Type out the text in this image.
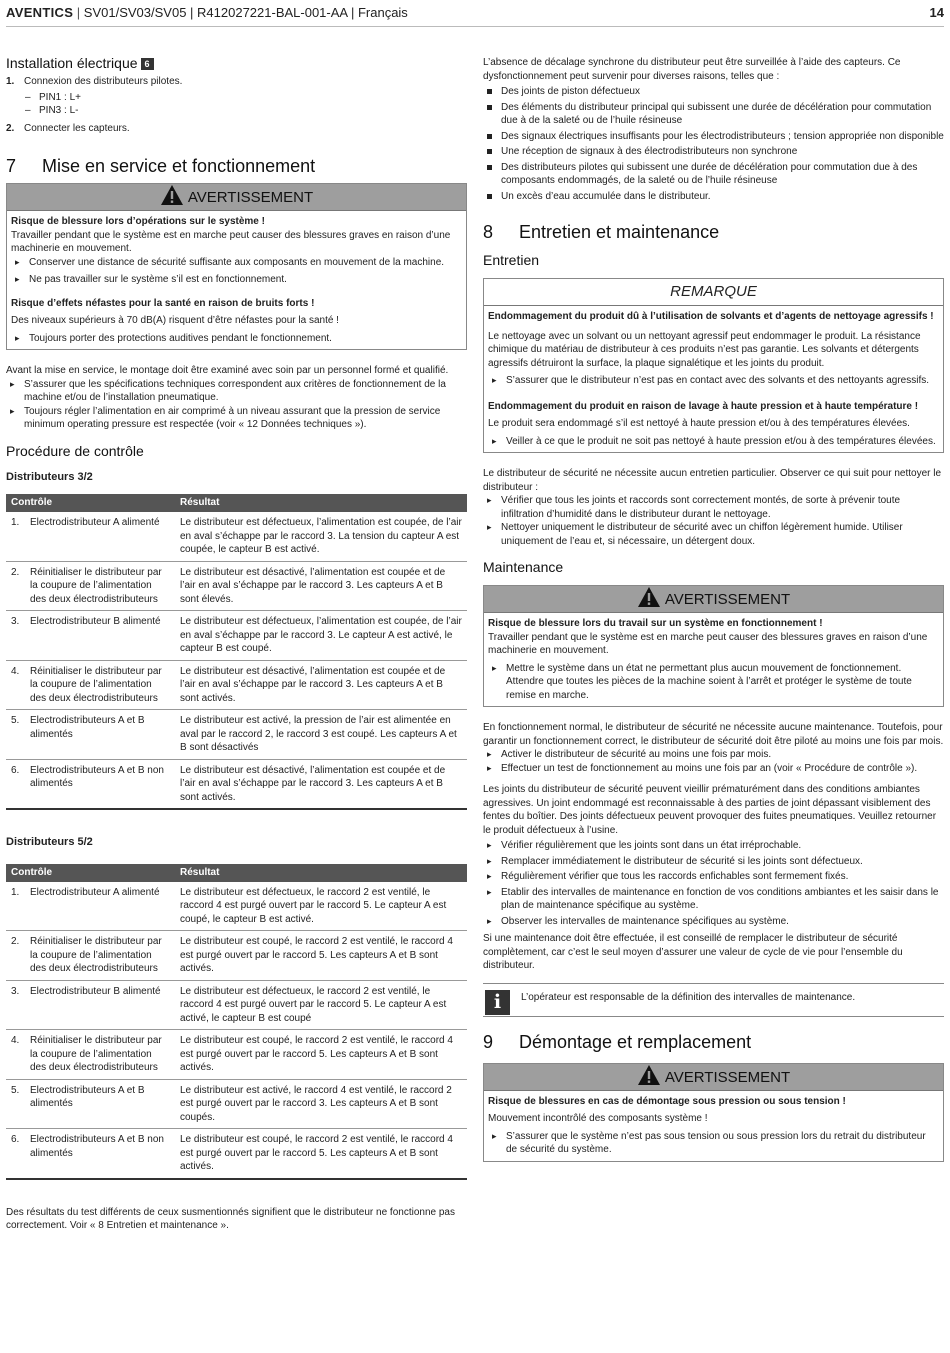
AVENTICS | SV01/SV03/SV05 | R412027221-BAL-001-AA | Français	14
Installation électrique 6
1. Connexion des distributeurs pilotes.
– PIN1 : L+
– PIN3 : L-
2. Connecter les capteurs.
7 Mise en service et fonctionnement
AVERTISSEMENT

Risque de blessure lors d’opérations sur le système !

Travailler pendant que le système est en marche peut causer des blessures graves en raison d’une machinerie en mouvement.

▸ Conserver une distance de sécurité suffisante aux composants en mouvement de la machine.

▸ Ne pas travailler sur le système s’il est en fonctionnement.

Risque d’effets néfastes pour la santé en raison de bruits forts !

Des niveaux supérieurs à 70 dB(A) risquent d’être néfastes pour la santé !

▸ Toujours porter des protections auditives pendant le fonctionnement.

Avant la mise en service, le montage doit être examiné avec soin par un personnel formé et qualifié.

▸ S’assurer que les spécifications techniques correspondent aux critères de fonctionnement de la machine et/ou de l’installation pneumatique.

▸ Toujours régler l’alimentation en air comprimé à un niveau assurant que la pression de service minimum operating pressure est respectée (voir « 12 Données techniques »).

Procédure de contrôle
Distributeurs 3/2
Contrôle	Résultat
1. Electrodistributeur A alimenté	Le distributeur est défectueux, l’alimentation est coupée, de l’air en aval s’échappe par le raccord 3. La tension du capteur A est coupée, le capteur B est activé.
2. Réinitialiser le distributeur par la coupure de l’alimentation des deux électrodistributeurs	Le distributeur est désactivé, l’alimentation est coupée et de l’air en aval s’échappe par le raccord 3. Les capteurs A et B sont élevés.
3. Electrodistributeur B alimenté	Le distributeur est défectueux, l’alimentation est coupée, de l’air en aval s’échappe par le raccord 3. Le capteur A est activé, le capteur B est coupé.
4. Réinitialiser le distributeur par la coupure de l’alimentation des deux électrodistributeurs	Le distributeur est désactivé, l’alimentation est coupée et de l’air en aval s’échappe par le raccord 3. Les capteurs A et B sont activés.
5. Electrodistributeurs A et B alimentés	Le distributeur est activé, la pression de l’air est alimentée en aval par le raccord 2, le raccord 3 est coupé. Les capteurs A et B sont désactivés
6. Electrodistributeurs A et B non alimentés	Le distributeur est désactivé, l’alimentation est coupée et de l’air en aval s’échappe par le raccord 3. Les capteurs A et B sont activés.
Distributeurs 5/2
Contrôle	Résultat
1. Electrodistributeur A alimenté	Le distributeur est défectueux, le raccord 2 est ventilé, le raccord 4 est purgé ouvert par le raccord 5. Le capteur A est coupé, le capteur B est activé.
2. Réinitialiser le distributeur par la coupure de l’alimentation des deux électrodistributeurs	Le distributeur est coupé, le raccord 2 est ventilé, le raccord 4 est purgé ouvert par le raccord 5. Les capteurs A et B sont activés.
3. Electrodistributeur B alimenté	Le distributeur est défectueux, le raccord 2 est ventilé, le raccord 4 est purgé ouvert par le raccord 5. Le capteur A est activé, le capteur B est coupé
4. Réinitialiser le distributeur par la coupure de l’alimentation des deux électrodistributeurs	Le distributeur est coupé, le raccord 2 est ventilé, le raccord 4 est purgé ouvert par le raccord 5. Les capteurs A et B sont activés.
5. Electrodistributeurs A et B alimentés	Le distributeur est activé, le raccord 4 est ventilé, le raccord 2 est purgé ouvert par le raccord 3. Les capteurs A et B sont coupés.
6. Electrodistributeurs A et B non alimentés	Le distributeur est coupé, le raccord 2 est ventilé, le raccord 4 est purgé ouvert par le raccord 5. Les capteurs A et B sont activés.

Des résultats du test différents de ceux susmentionnés signifient que le distributeur ne fonctionne pas correctement. Voir « 8 Entretien et maintenance ».

L’absence de décalage synchrone du distributeur peut être surveillée à l’aide des capteurs. Ce dysfonctionnement peut survenir pour diverses raisons, telles que :

Des joints de piston défectueux

Des éléments du distributeur principal qui subissent une durée de décélération pour commutation due à de la saleté ou de l’huile résineuse

Des signaux électriques insuffisants pour les électrodistributeurs ; tension appropriée non disponible

Une réception de signaux à des électrodistributeurs non synchrone

Des distributeurs pilotes qui subissent une durée de décélération pour commutation due à des composants endommagés, de la saleté ou de l’huile résineuse

Un excès d’eau accumulée dans le distributeur.

8 Entretien et maintenance
Entretien
REMARQUE

Endommagement du produit dû à l’utilisation de solvants et d’agents de nettoyage agressifs !

Le nettoyage avec un solvant ou un nettoyant agressif peut endommager le produit. La résistance chimique du matériau de distributeur à ces produits n’est pas garantie. Les solvants et détergents agressifs détruiront la surface, la plaque signalétique et les joints du produit.

▸ S’assurer que le distributeur n’est pas en contact avec des solvants et des nettoyants agressifs.

Endommagement du produit en raison de lavage à haute pression et à haute température !

Le produit sera endommagé s’il est nettoyé à haute pression et/ou à des températures élevées.

▸ Veiller à ce que le produit ne soit pas nettoyé à haute pression et/ou à des températures élevées.

Le distributeur de sécurité ne nécessite aucun entretien particulier. Observer ce qui suit pour nettoyer le distributeur :

▸ Vérifier que tous les joints et raccords sont correctement montés, de sorte à prévenir toute infiltration d’humidité dans le distributeur durant le nettoyage.

▸ Nettoyer uniquement le distributeur de sécurité avec un chiffon légèrement humide. Utiliser uniquement de l’eau et, si nécessaire, un détergent doux.

Maintenance
AVERTISSEMENT

Risque de blessure lors du travail sur un système en fonctionnement !

Travailler pendant que le système est en marche peut causer des blessures graves en raison d’une machinerie en mouvement.

▸ Mettre le système dans un état ne permettant plus aucun mouvement de fonctionnement. Attendre que toutes les pièces de la machine soient à l’arrêt et protéger le système de toute remise en marche.

En fonctionnement normal, le distributeur de sécurité ne nécessite aucune maintenance. Toutefois, pour garantir un fonctionnement correct, le distributeur de sécurité doit être piloté au moins une fois par mois.

▸ Activer le distributeur de sécurité au moins une fois par mois.

▸ Effectuer un test de fonctionnement au moins une fois par an (voir « Procédure de contrôle »).

Les joints du distributeur de sécurité peuvent vieillir prématurément dans des conditions ambiantes agressives. Un joint endommagé est reconnaissable à des parties de joint dépassant visiblement des fentes du boîtier. Des joints défectueux peuvent provoquer des fuites pneumatiques. Veuillez retourner le produit défectueux à l’usine.

▸ Vérifier régulièrement que les joints sont dans un état irréprochable.

▸ Remplacer immédiatement le distributeur de sécurité si les joints sont défectueux.

▸ Régulièrement vérifier que tous les raccords enfichables sont fermement fixés.

▸ Etablir des intervalles de maintenance en fonction de vos conditions ambiantes et les saisir dans le plan de maintenance spécifique au système.

▸ Observer les intervalles de maintenance spécifiques au système.

Si une maintenance doit être effectuée, il est conseillé de remplacer le distributeur de sécurité complètement, car c’est le seul moyen d’assurer une valeur de cycle de vie pour l’ensemble du distributeur.

i	L’opérateur est responsable de la définition des intervalles de maintenance.

9 Démontage et remplacement
AVERTISSEMENT

Risque de blessures en cas de démontage sous pression ou sous tension !

Mouvement incontrôlé des composants système !

▸ S’assurer que le système n’est pas sous tension ou sous pression lors du retrait du distributeur de sécurité du système.
